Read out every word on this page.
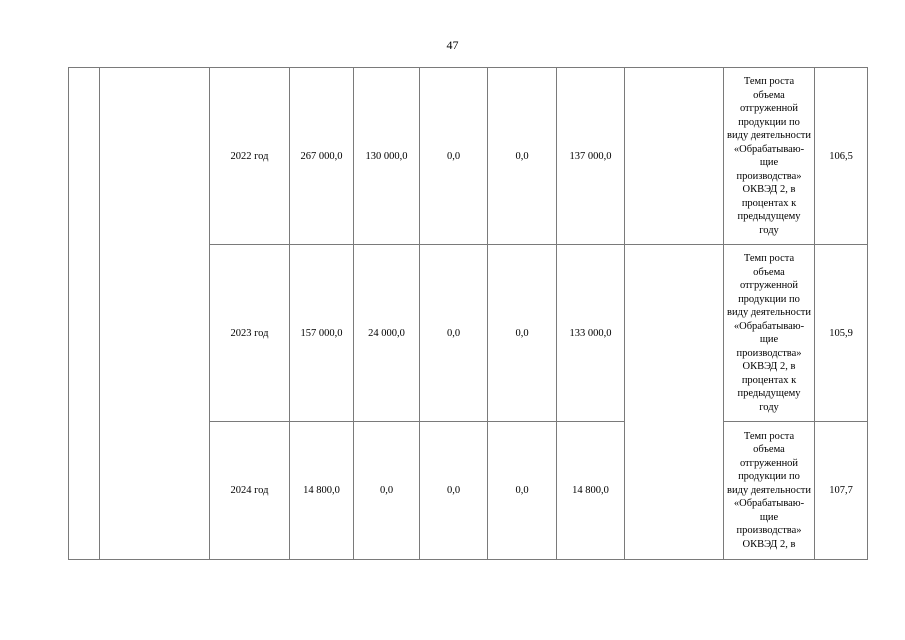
47
		2022 год	267 000,0	130 000,0	0,0	0,0	137 000,0		Темп роста объема отгруженной продукции по виду деятельности «Обрабатываю-щие производства» ОКВЭД 2, в процентах к предыдущему году	106,5
		2023 год	157 000,0	24 000,0	0,0	0,0	133 000,0		Темп роста объема отгруженной продукции по виду деятельности «Обрабатываю-щие производства» ОКВЭД 2, в процентах к предыдущему году	105,9
		2024 год	14 800,0	0,0	0,0	0,0	14 800,0		Темп роста объема отгруженной продукции по виду деятельности «Обрабатываю-щие производства» ОКВЭД 2, в	107,7
